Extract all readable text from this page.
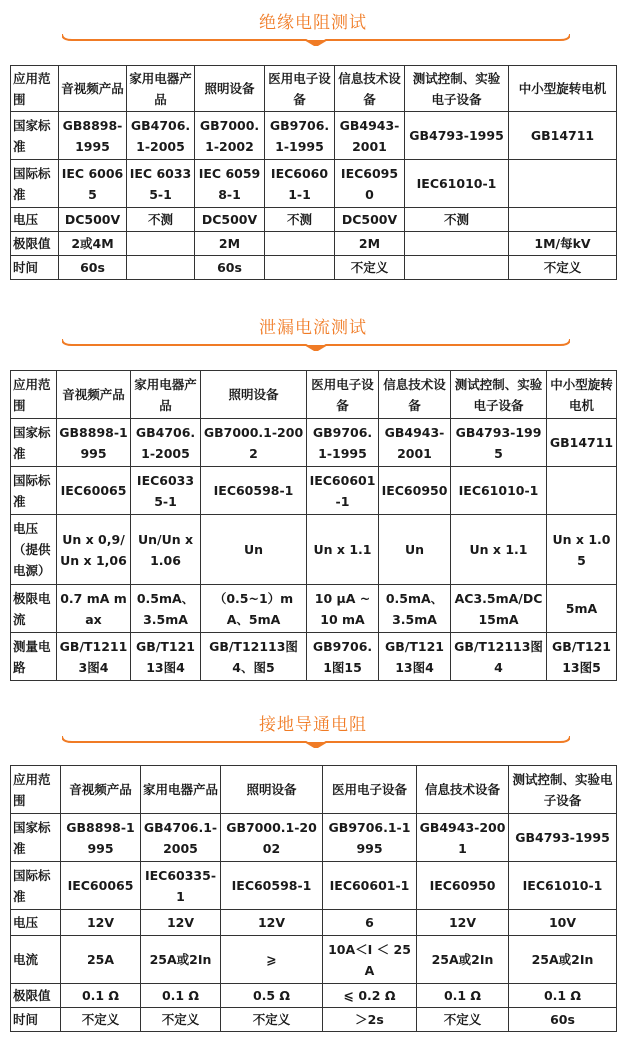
绝缘电阻测试
应用范围	音视频产品	家用电器产品	照明设备	医用电子设备	信息技术设备	测试控制、实验电子设备	中小型旋转电机
国家标准	GB8898-1995	GB4706.1-2005	GB7000.1-2002	GB9706.1-1995	GB4943-2001	GB4793-1995	GB14711
国际标准	IEC 60065	IEC 60335-1	IEC 60598-1	IEC60601-1	IEC60950	IEC61010-1	
电压	DC500V	不测	DC500V	不测	DC500V	不测	
极限值	2或4M		2M		2M		1M/每kV
时间	60s		60s		不定义		不定义
泄漏电流测试
应用范围	音视频产品	家用电器产品	照明设备	医用电子设备	信息技术设备	测试控制、实验电子设备	中小型旋转电机
国家标准	GB8898-1995	GB4706.1-2005	GB7000.1-2002	GB9706.1-1995	GB4943-2001	GB4793-1995	GB14711
国际标准	IEC60065	IEC60335-1	IEC60598-1	IEC60601-1	IEC60950	IEC61010-1	
电压（提供电源）	Un x 0,9/ Un x 1,06	Un/Un x 1.06	Un	Un x 1.1	Un	Un x 1.1	Un x 1.05
极限电流	0.7 mA max	0.5mA、3.5mA	（0.5~1）mA、5mA	10 μA ~ 10 mA	0.5mA、3.5mA	AC3.5mA/DC15mA	5mA
测量电路	GB/T12113图4	GB/T12113图4	GB/T12113图4、图5	GB9706.1图15	GB/T12113图4	GB/T12113图4	GB/T12113图5
接地导通电阻
应用范围	音视频产品	家用电器产品	照明设备	医用电子设备	信息技术设备	测试控制、实验电子设备
国家标准	GB8898-1995	GB4706.1-2005	GB7000.1-2002	GB9706.1-1995	GB4943-2001	GB4793-1995
国际标准	IEC60065	IEC60335-1	IEC60598-1	IEC60601-1	IEC60950	IEC61010-1
电压	12V	12V	12V	6	12V	10V
电流	25A	25A或2In	⩾	10A＜I ＜ 25A	25A或2In	25A或2In
极限值	0.1 Ω	0.1 Ω	0.5 Ω	⩽ 0.2 Ω	0.1 Ω	0.1 Ω
时间	不定义	不定义	不定义	＞2s	不定义	60s
